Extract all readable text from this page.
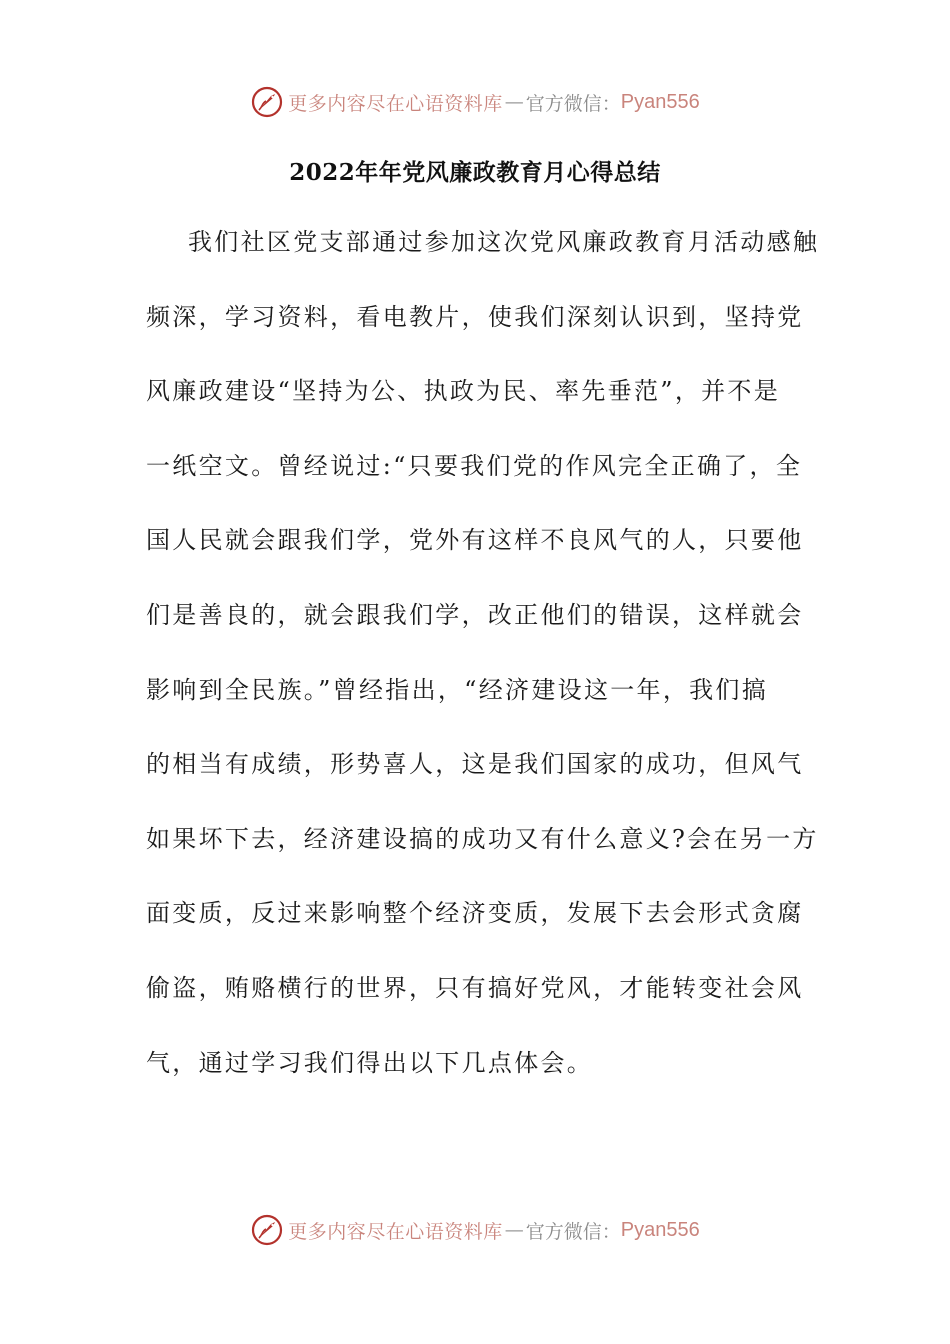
更多内容尽在心语资料库 — 官方微信： Pyan556
2022年年党风廉政教育月心得总结
我们社区党支部通过参加这次党风廉政教育月活动感触
频深，学习资料，看电教片，使我们深刻认识到，坚持党
风廉政建设“坚持为公、执政为民、率先垂范”，并不是
一纸空文。曾经说过:“只要我们党的作风完全正确了，全
国人民就会跟我们学，党外有这样不良风气的人，只要他
们是善良的，就会跟我们学，改正他们的错误，这样就会
影响到全民族。”曾经指出，“经济建设这一年，我们搞
的相当有成绩，形势喜人，这是我们国家的成功，但风气
如果坏下去，经济建设搞的成功又有什么意义?会在另一方
面变质，反过来影响整个经济变质，发展下去会形式贪腐
偷盗，贿赂横行的世界，只有搞好党风，才能转变社会风
气，通过学习我们得出以下几点体会。
更多内容尽在心语资料库 — 官方微信： Pyan556
